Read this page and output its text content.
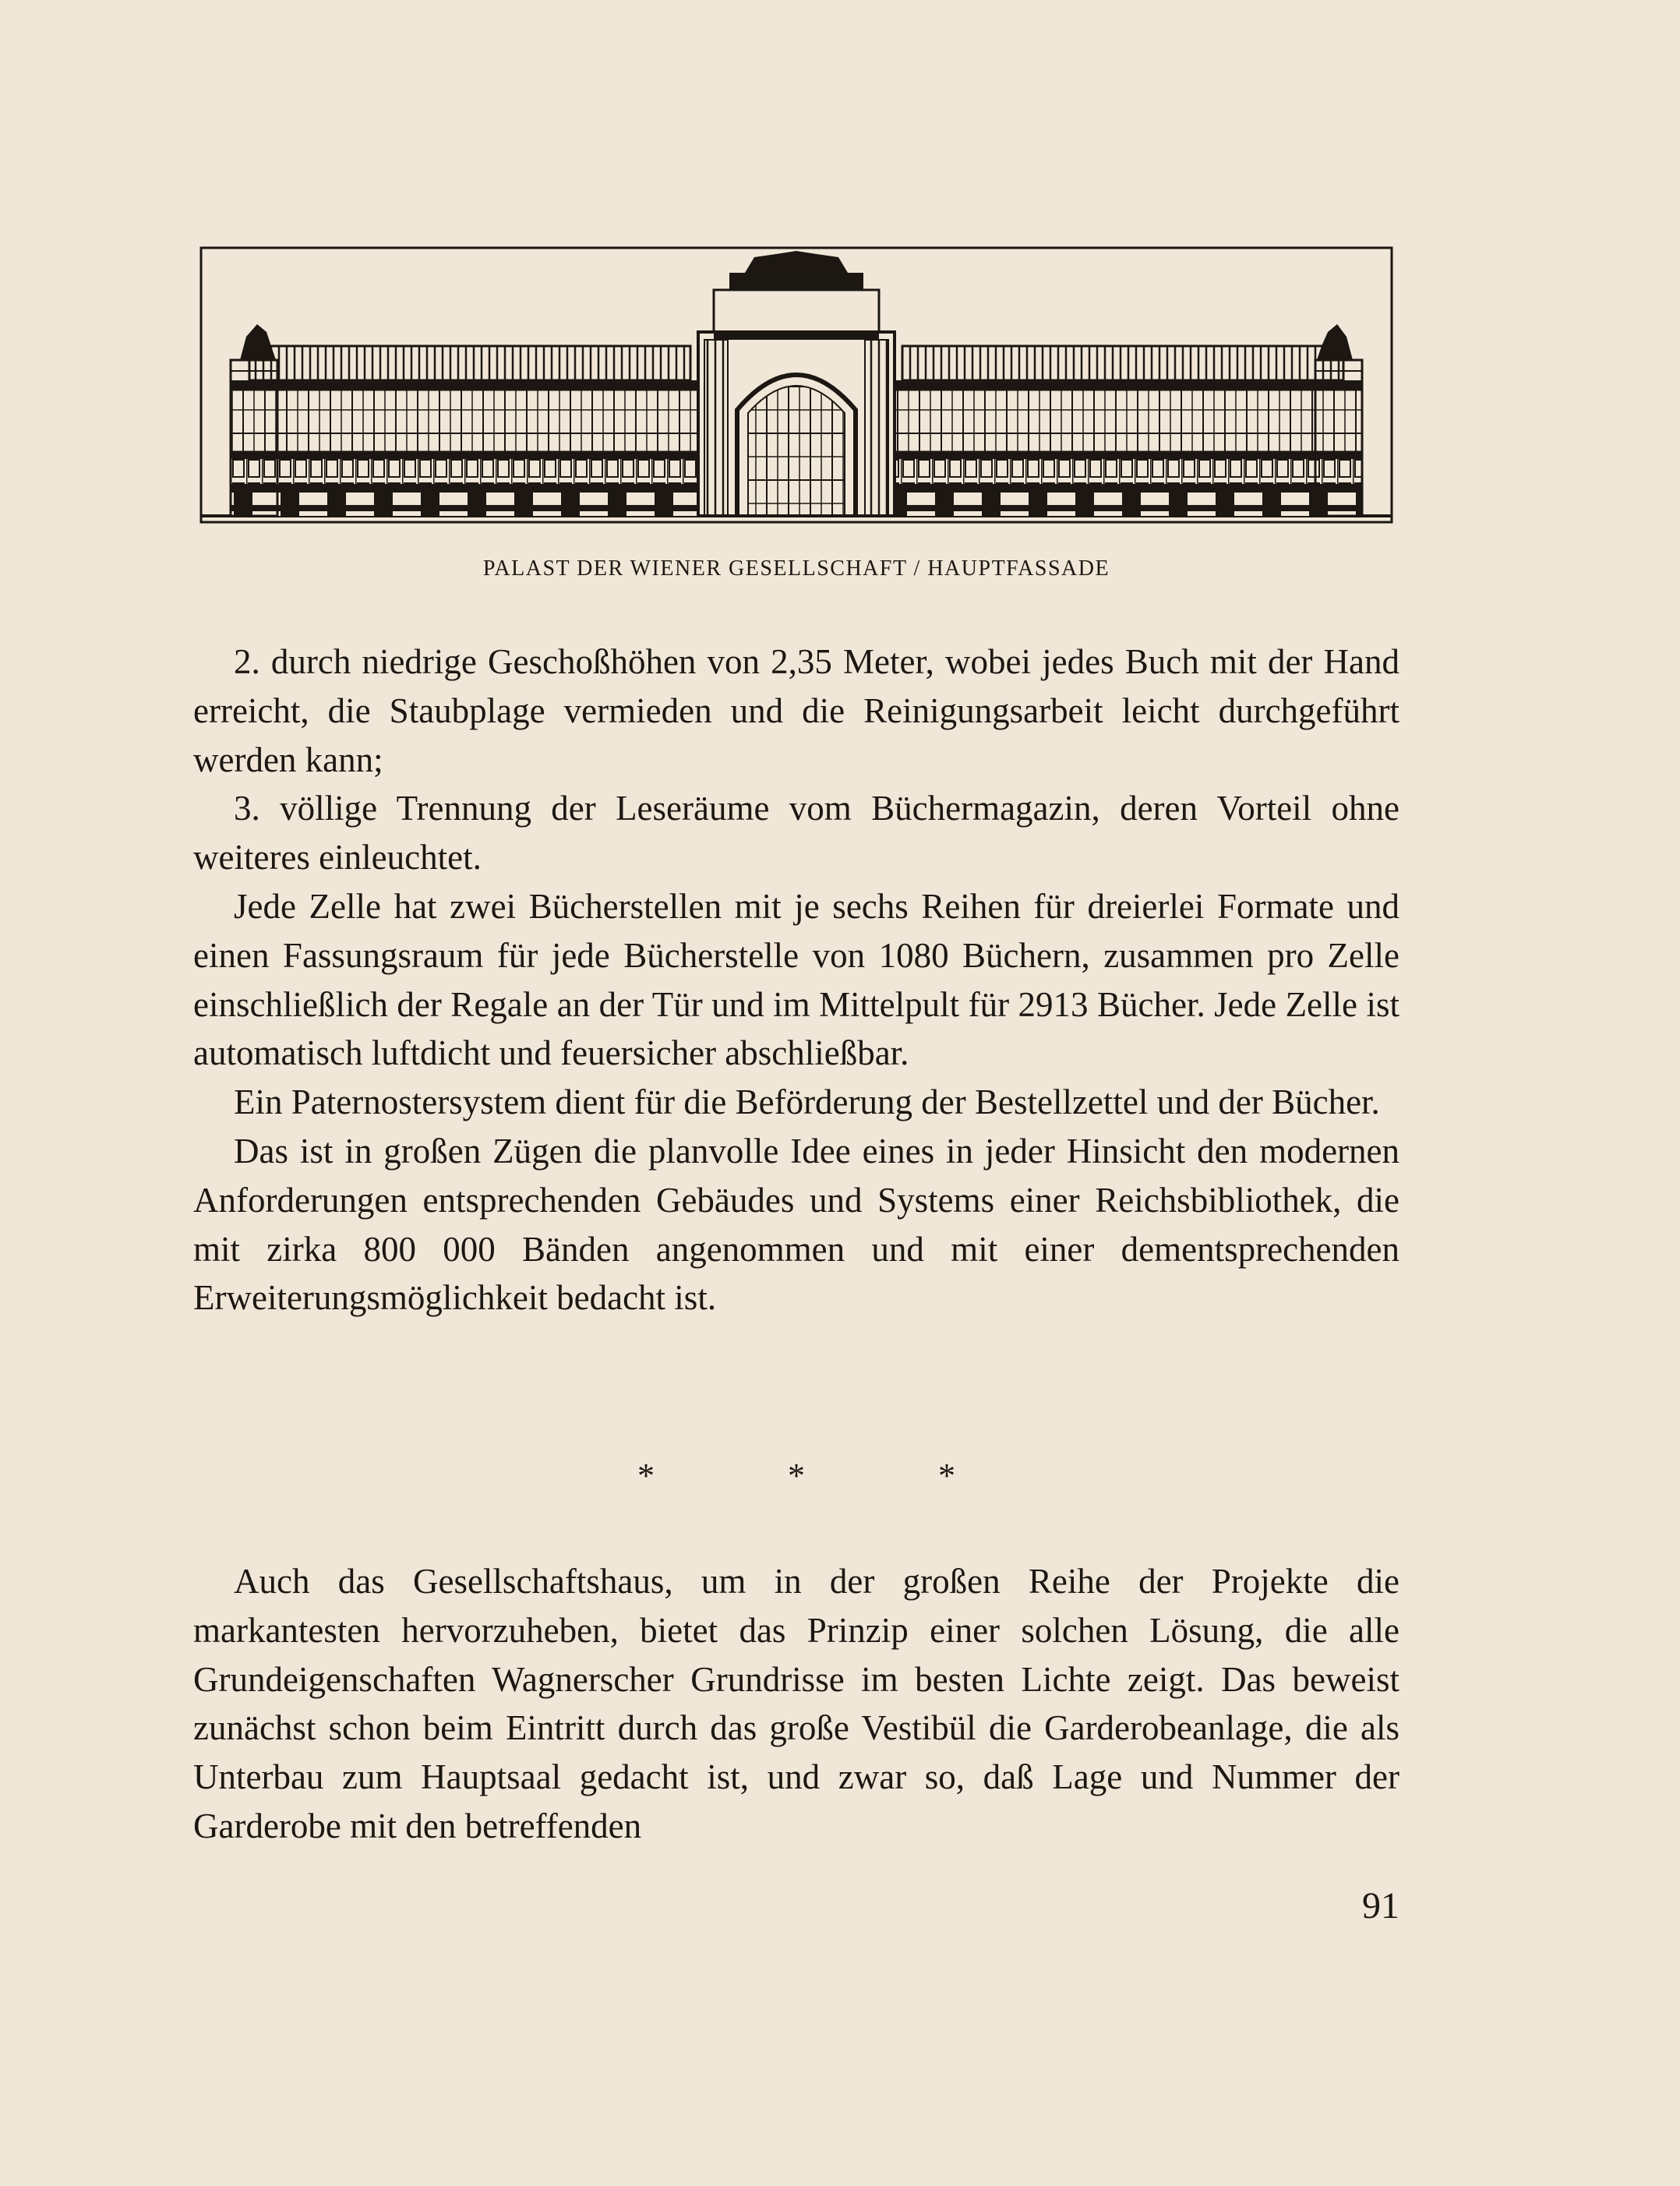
PALAST DER WIENER GESELLSCHAFT / HAUPTFASSADE

2. durch niedrige Geschoßhöhen von 2,35 Meter, wobei jedes Buch mit der Hand erreicht, die Staubplage vermieden und die Reinigungsarbeit leicht durchgeführt werden kann;

3. völlige Trennung der Leseräume vom Büchermagazin, deren Vorteil ohne weiteres einleuchtet.

Jede Zelle hat zwei Bücherstellen mit je sechs Reihen für dreierlei Formate und einen Fassungsraum für jede Bücherstelle von 1080 Büchern, zusammen pro Zelle einschließlich der Regale an der Tür und im Mittelpult für 2913 Bücher. Jede Zelle ist automatisch luftdicht und feuersicher abschließbar.

Ein Paternostersystem dient für die Beförderung der Bestellzettel und der Bücher.

Das ist in großen Zügen die planvolle Idee eines in jeder Hinsicht den modernen Anforderungen entsprechenden Gebäudes und Systems einer Reichsbibliothek, die mit zirka 800 000 Bänden angenommen und mit einer dementsprechenden Erweiterungsmöglichkeit bedacht ist.

* * *

Auch das Gesellschaftshaus, um in der großen Reihe der Projekte die markantesten hervorzuheben, bietet das Prinzip einer solchen Lösung, die alle Grundeigenschaften Wagnerscher Grundrisse im besten Lichte zeigt. Das beweist zunächst schon beim Eintritt durch das große Vestibül die Garderobeanlage, die als Unterbau zum Hauptsaal gedacht ist, und zwar so, daß Lage und Nummer der Garderobe mit den betreffenden

91
